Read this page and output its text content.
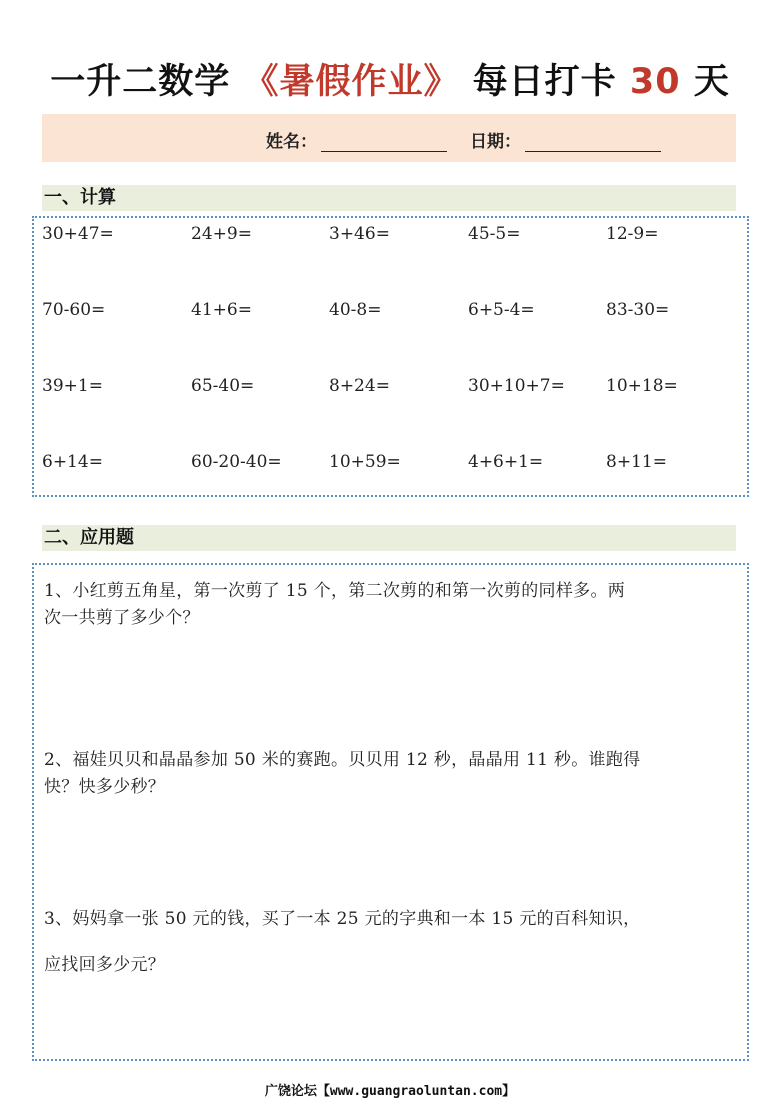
一升二数学 《暑假作业》 每日打卡 30 天
姓名：	日期：
一、计算
30+47=	24+9=	3+46=	45-5=	12-9=
70-60=	41+6=	40-8=	6+5-4=	83-30=
39+1=	65-40=	8+24=	30+10+7= 10+18=
6+14=	60-20-40=	10+59=	4+6+1=	8+11=
二、应用题
1、小红剪五角星，第一次剪了 15 个，第二次剪的和第一次剪的同样多。两
次一共剪了多少个？
2、福娃贝贝和晶晶参加 50 米的赛跑。贝贝用 12 秒，晶晶用 11 秒。谁跑得
快？快多少秒？
3、妈妈拿一张 50 元的钱，买了一本 25 元的字典和一本 15 元的百科知识，
应找回多少元？
广饶论坛【www.guangraoluntan.com】
